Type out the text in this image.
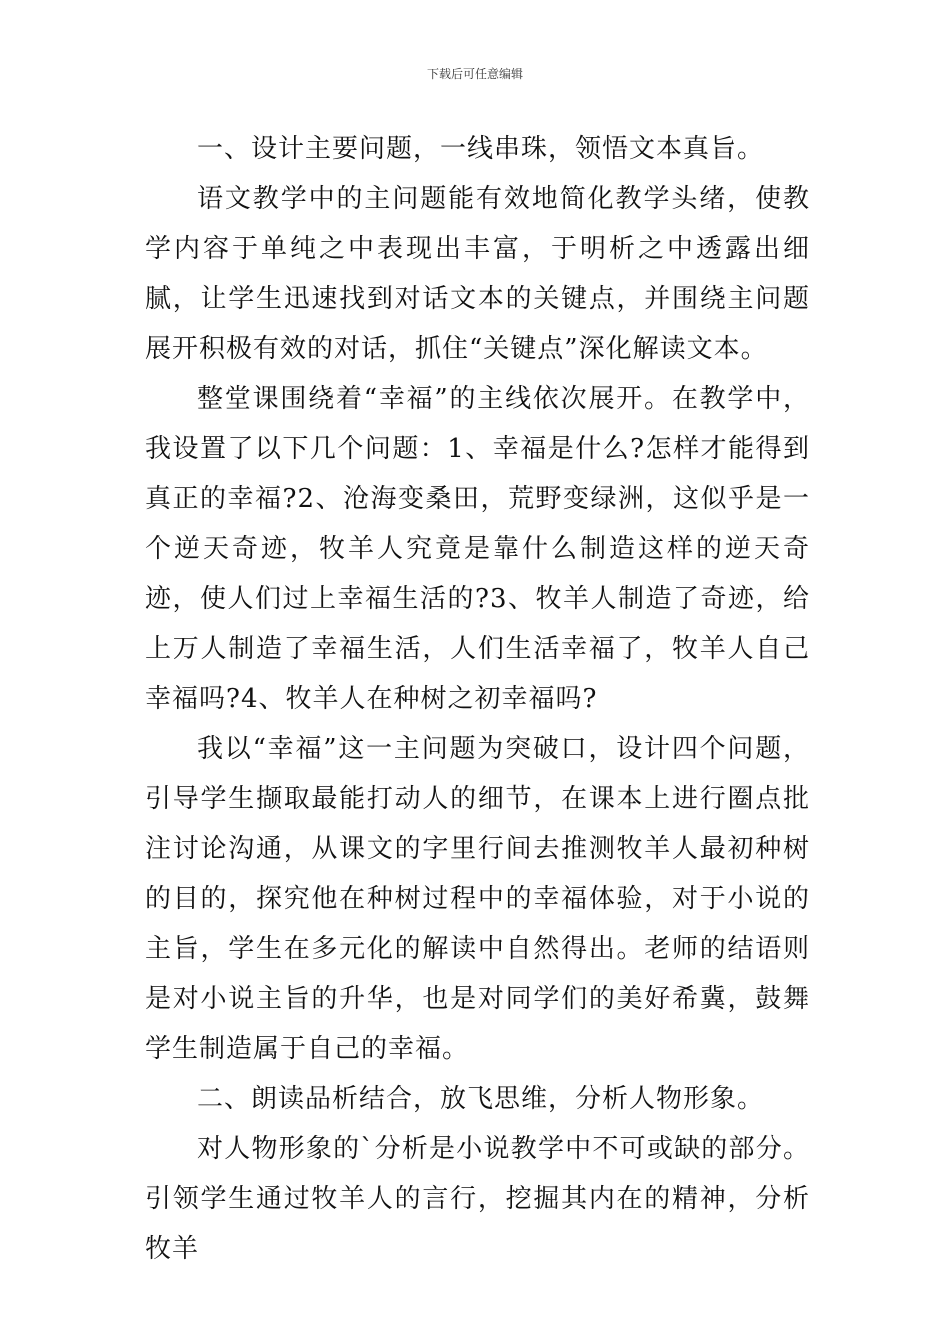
下载后可任意编辑

一、设计主要问题，一线串珠，领悟文本真旨。

语文教学中的主问题能有效地简化教学头绪，使教学内容于单纯之中表现出丰富，于明析之中透露出细腻，让学生迅速找到对话文本的关键点，并围绕主问题展开积极有效的对话，抓住“关键点”深化解读文本。

整堂课围绕着“幸福”的主线依次展开。在教学中，我设置了以下几个问题：1、幸福是什么?怎样才能得到真正的幸福?2、沧海变桑田，荒野变绿洲，这似乎是一个逆天奇迹，牧羊人究竟是靠什么制造这样的逆天奇迹，使人们过上幸福生活的?3、牧羊人制造了奇迹，给上万人制造了幸福生活，人们生活幸福了，牧羊人自己幸福吗?4、牧羊人在种树之初幸福吗?

我以“幸福”这一主问题为突破口，设计四个问题，引导学生撷取最能打动人的细节，在课本上进行圈点批注讨论沟通，从课文的字里行间去推测牧羊人最初种树的目的，探究他在种树过程中的幸福体验，对于小说的主旨，学生在多元化的解读中自然得出。老师的结语则是对小说主旨的升华，也是对同学们的美好希冀，鼓舞学生制造属于自己的幸福。

二、朗读品析结合，放飞思维，分析人物形象。

对人物形象的`分析是小说教学中不可或缺的部分。引领学生通过牧羊人的言行，挖掘其内在的精神，分析牧羊
